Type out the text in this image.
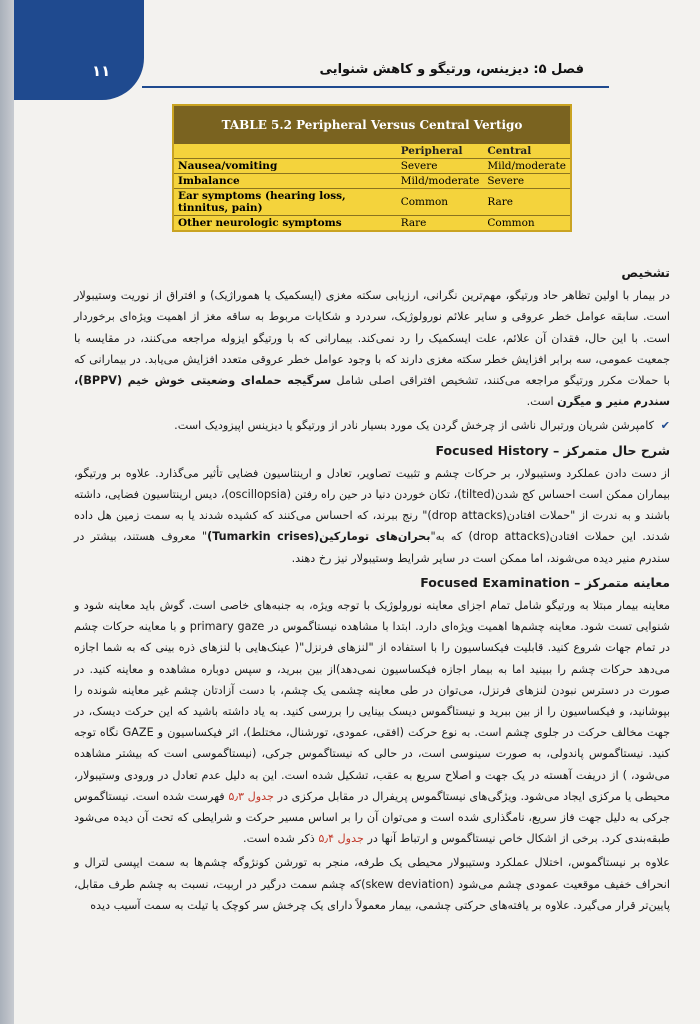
۱۱	فصل ۵: دیزینس، ورتیگو و کاهش شنوایی
TABLE 5.2 Peripheral Versus Central Vertigo
	Peripheral	Central
Nausea/vomiting	Severe	Mild/moderate
Imbalance	Mild/moderate	Severe
Ear symptoms (hearing loss, tinnitus, pain)	Common	Rare
Other neurologic symptoms	Rare	Common
تشخیص

در بیمار با اولین تظاهر حاد ورتیگو، مهم‌ترین نگرانی، ارزیابی سکته مغزی (ایسکمیک یا هموراژیک) و افتراق از نوریت وستیبولار است. سابقه عوامل خطر عروقی و سایر علائم نورولوژیک، سردرد و شکایات مربوط به ساقه مغز از اهمیت ویژه‌ای برخوردار است. با این حال، فقدان آن علائم، علت ایسکمیک را رد نمی‌کند. بیمارانی که با ورتیگو ایزوله مراجعه می‌کنند، در مقایسه با جمعیت عمومی، سه برابر افزایش خطر سکته مغزی دارند که با وجود عوامل خطر عروقی متعدد افزایش می‌یابد. در بیمارانی که با حملات مکرر ورتیگو مراجعه می‌کنند، تشخیص افتراقی اصلی شامل سرگیجه حمله‌ای وضعیتی خوش خیم (BPPV)، سندرم منیر و میگرن است.

✔ کامپرشن شریان ورتبرال ناشی از چرخش گردن یک مورد بسیار نادر از ورتیگو یا دیزینس اپیزودیک است.

شرح حال متمرکز – Focused History

از دست دادن عملکرد وستیبولار، بر حرکات چشم و تثبیت تصاویر، تعادل و ارینتاسیون فضایی تأثیر می‌گذارد. علاوه بر ورتیگو، بیماران ممکن است احساس کج شدن(tilted)، تکان خوردن دنیا در حین راه رفتن (oscillopsia)، دیس ارینتاسیون فضایی، داشته باشند و به ندرت از "حملات افتادن(drop attacks)" رنج ببرند، که احساس می‌کنند که کشیده شدند یا به سمت زمین هل داده شدند. این حملات افتادن(drop attacks) که به"بحران‌های تومارکین(Tumarkin crises)" معروف هستند، بیشتر در سندرم منیر دیده می‌شوند، اما ممکن است در سایر شرایط وستیبولار نیز رخ دهند.

معاینه متمرکز – Focused Examination

معاینه بیمار مبتلا به ورتیگو شامل تمام اجزای معاینه نورولوژیک با توجه ویژه، به جنبه‌های خاصی است. گوش باید معاینه شود و شنوایی تست شود. معاینه چشم‌ها اهمیت ویژه‌ای دارد. ابتدا با مشاهده نیستاگموس در primary gaze و با معاینه حرکات چشم در تمام جهات شروع کنید. قابلیت فیکساسیون را با استفاده از "لنزهای فرنزل"( عینک‌هایی با لنزهای ذره بینی که به شما اجازه می‌دهد حرکات چشم را ببینید اما به بیمار اجازه فیکساسیون نمی‌دهد)از بین ببرید، و سپس دوباره مشاهده و معاینه کنید. در صورت در دسترس نبودن لنزهای فرنزل، می‌توان در طی معاینه چشمی یک چشم، با دست آزادتان چشم غیر معاینه شونده را بپوشانید، و فیکساسیون را از بین ببرید و نیستاگموس دیسک بینایی را بررسی کنید. به یاد داشته باشید که این حرکت دیسک، در جهت مخالف حرکت در جلوی چشم است. به نوع حرکت (افقی، عمودی، تورشنال، مختلط)، اثر فیکساسیون و GAZE نگاه توجه کنید. نیستاگموس پاندولی، به صورت سینوسی است، در حالی که نیستاگموس جرکی، (نیستاگموسی است که بیشتر مشاهده می‌شود، ) از دریفت آهسته در یک جهت و اصلاح سریع به عقب، تشکیل شده است. این به دلیل عدم تعادل در ورودی وستیبولار، محیطی یا مرکزی ایجاد می‌شود. ویژگی‌های نیستاگموس پریفرال در مقابل مرکزی در جدول ۵٫۳ فهرست شده است. نیستاگموس جرکی به دلیل جهت فاز سریع، نامگذاری شده است و می‌توان آن را بر اساس مسیر حرکت و شرایطی که تحت آن دیده می‌شود طبقه‌بندی کرد. برخی از اشکال خاص نیستاگموس و ارتباط آنها در جدول ۵٫۴ ذکر شده است.

علاوه بر نیستاگموس، اختلال عملکرد وستیبولار محیطی یک طرفه، منجر به تورشن کونژوگه چشم‌ها به سمت ایپسی لترال و انحراف خفیف موقعیت عمودی چشم می‌شود (skew deviation)که چشم سمت درگیر در اربیت، نسبت به چشم طرف مقابل، پایین‌تر قرار می‌گیرد. علاوه بر یافته‌های حرکتی چشمی، بیمار معمولاً دارای یک چرخش سر کوچک یا تیلت به سمت آسیب دیده
